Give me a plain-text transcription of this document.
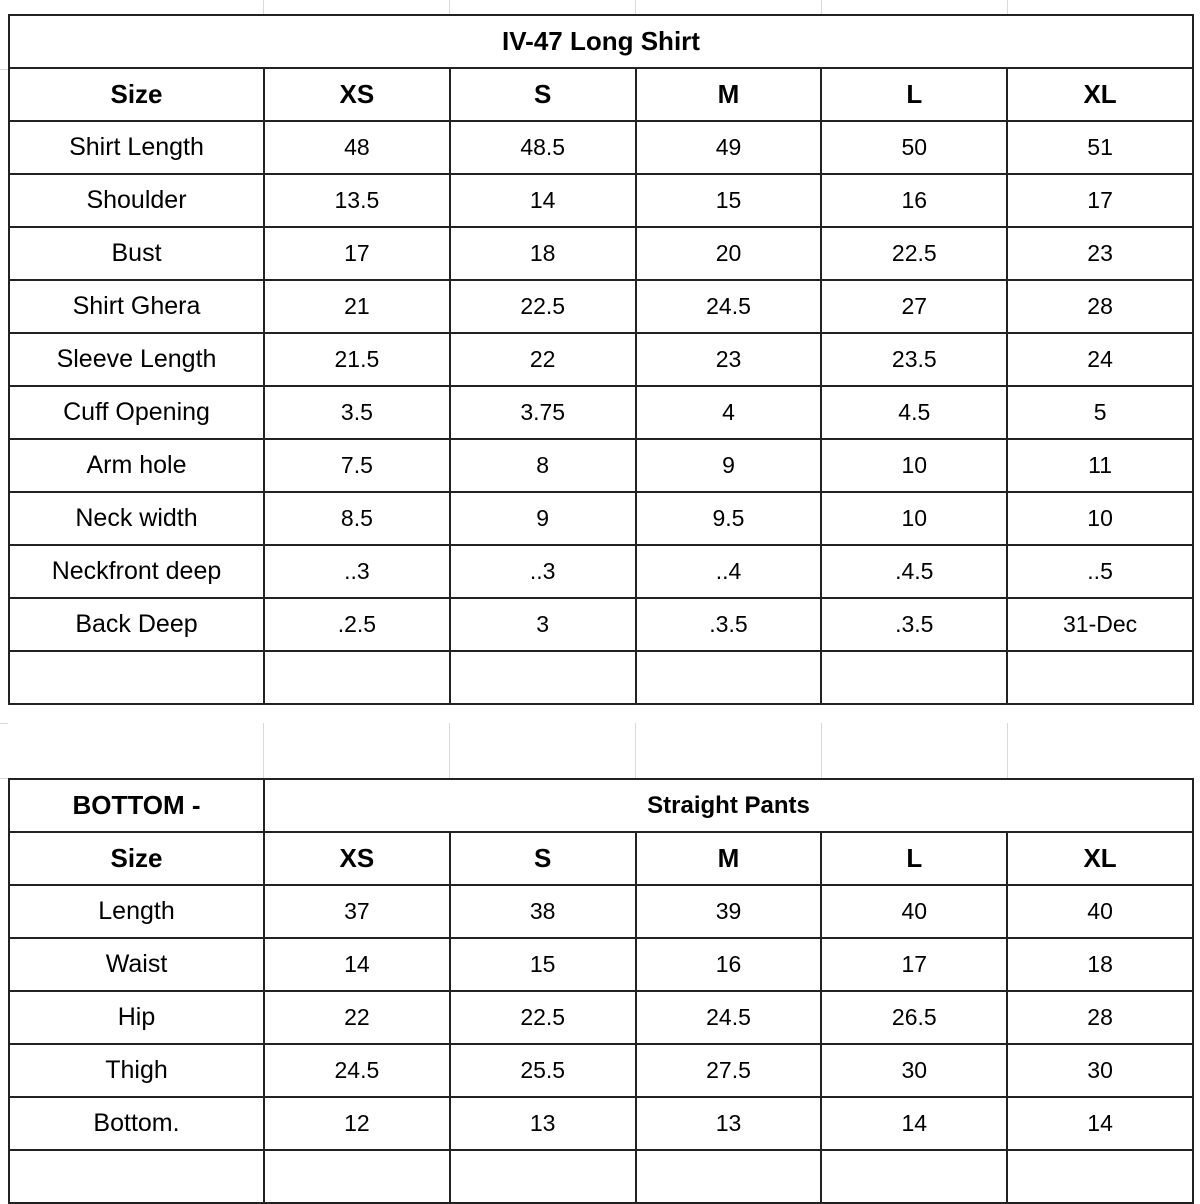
IV-47 Long Shirt					
Size	XS	S	M	L	XL
Shirt Length	48	48.5	49	50	51
Shoulder	13.5	14	15	16	17
Bust	17	18	20	22.5	23
Shirt Ghera	21	22.5	24.5	27	28
Sleeve Length	21.5	22	23	23.5	24
Cuff Opening	3.5	3.75	4	4.5	5
Arm hole	7.5	8	9	10	11
Neck width	8.5	9	9.5	10	10
Neckfront deep	..3	..3	..4	.4.5	..5
Back Deep	.2.5	3	.3.5	.3.5	31-Dec

BOTTOM -	Straight Pants				
Size	XS	S	M	L	XL
Length	37	38	39	40	40
Waist	14	15	16	17	18
Hip	22	22.5	24.5	26.5	28
Thigh	24.5	25.5	27.5	30	30
Bottom.	12	13	13	14	14
